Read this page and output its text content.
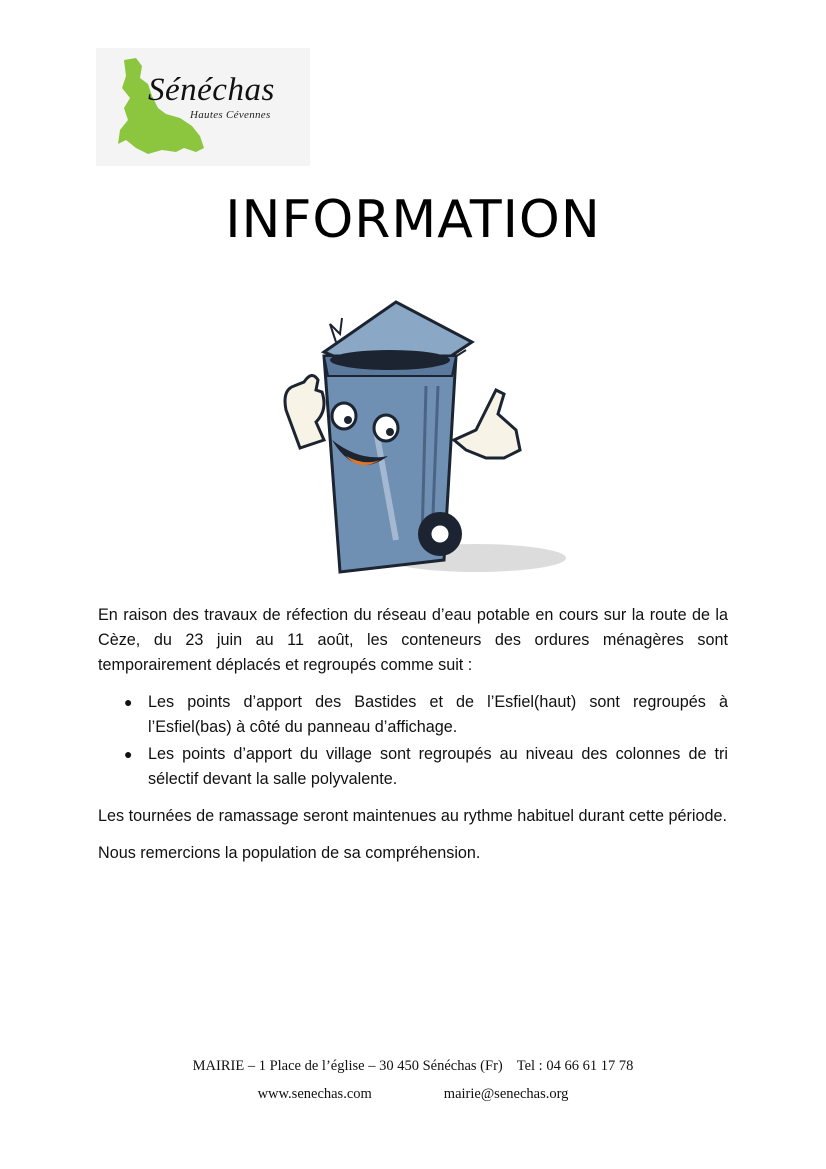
Sénéchas
Hautes Cévennes
INFORMATION

En raison des travaux de réfection du réseau d’eau potable en cours sur la route de la Cèze, du 23 juin au 11 août, les conteneurs des ordures ménagères sont temporairement déplacés et regroupés comme suit :

● Les points d’apport des Bastides et de l’Esfiel(haut) sont regroupés à l’Esfiel(bas) à côté du panneau d’affichage.
● Les points d’apport du village sont regroupés au niveau des colonnes de tri sélectif devant la salle polyvalente.

Les tournées de ramassage seront maintenues au rythme habituel durant cette période.

Nous remercions la population de sa compréhension.

MAIRIE – 1 Place de l’église – 30 450 Sénéchas (Fr) Tel : 04 66 61 17 78
www.senechas.com	mairie@senechas.org
